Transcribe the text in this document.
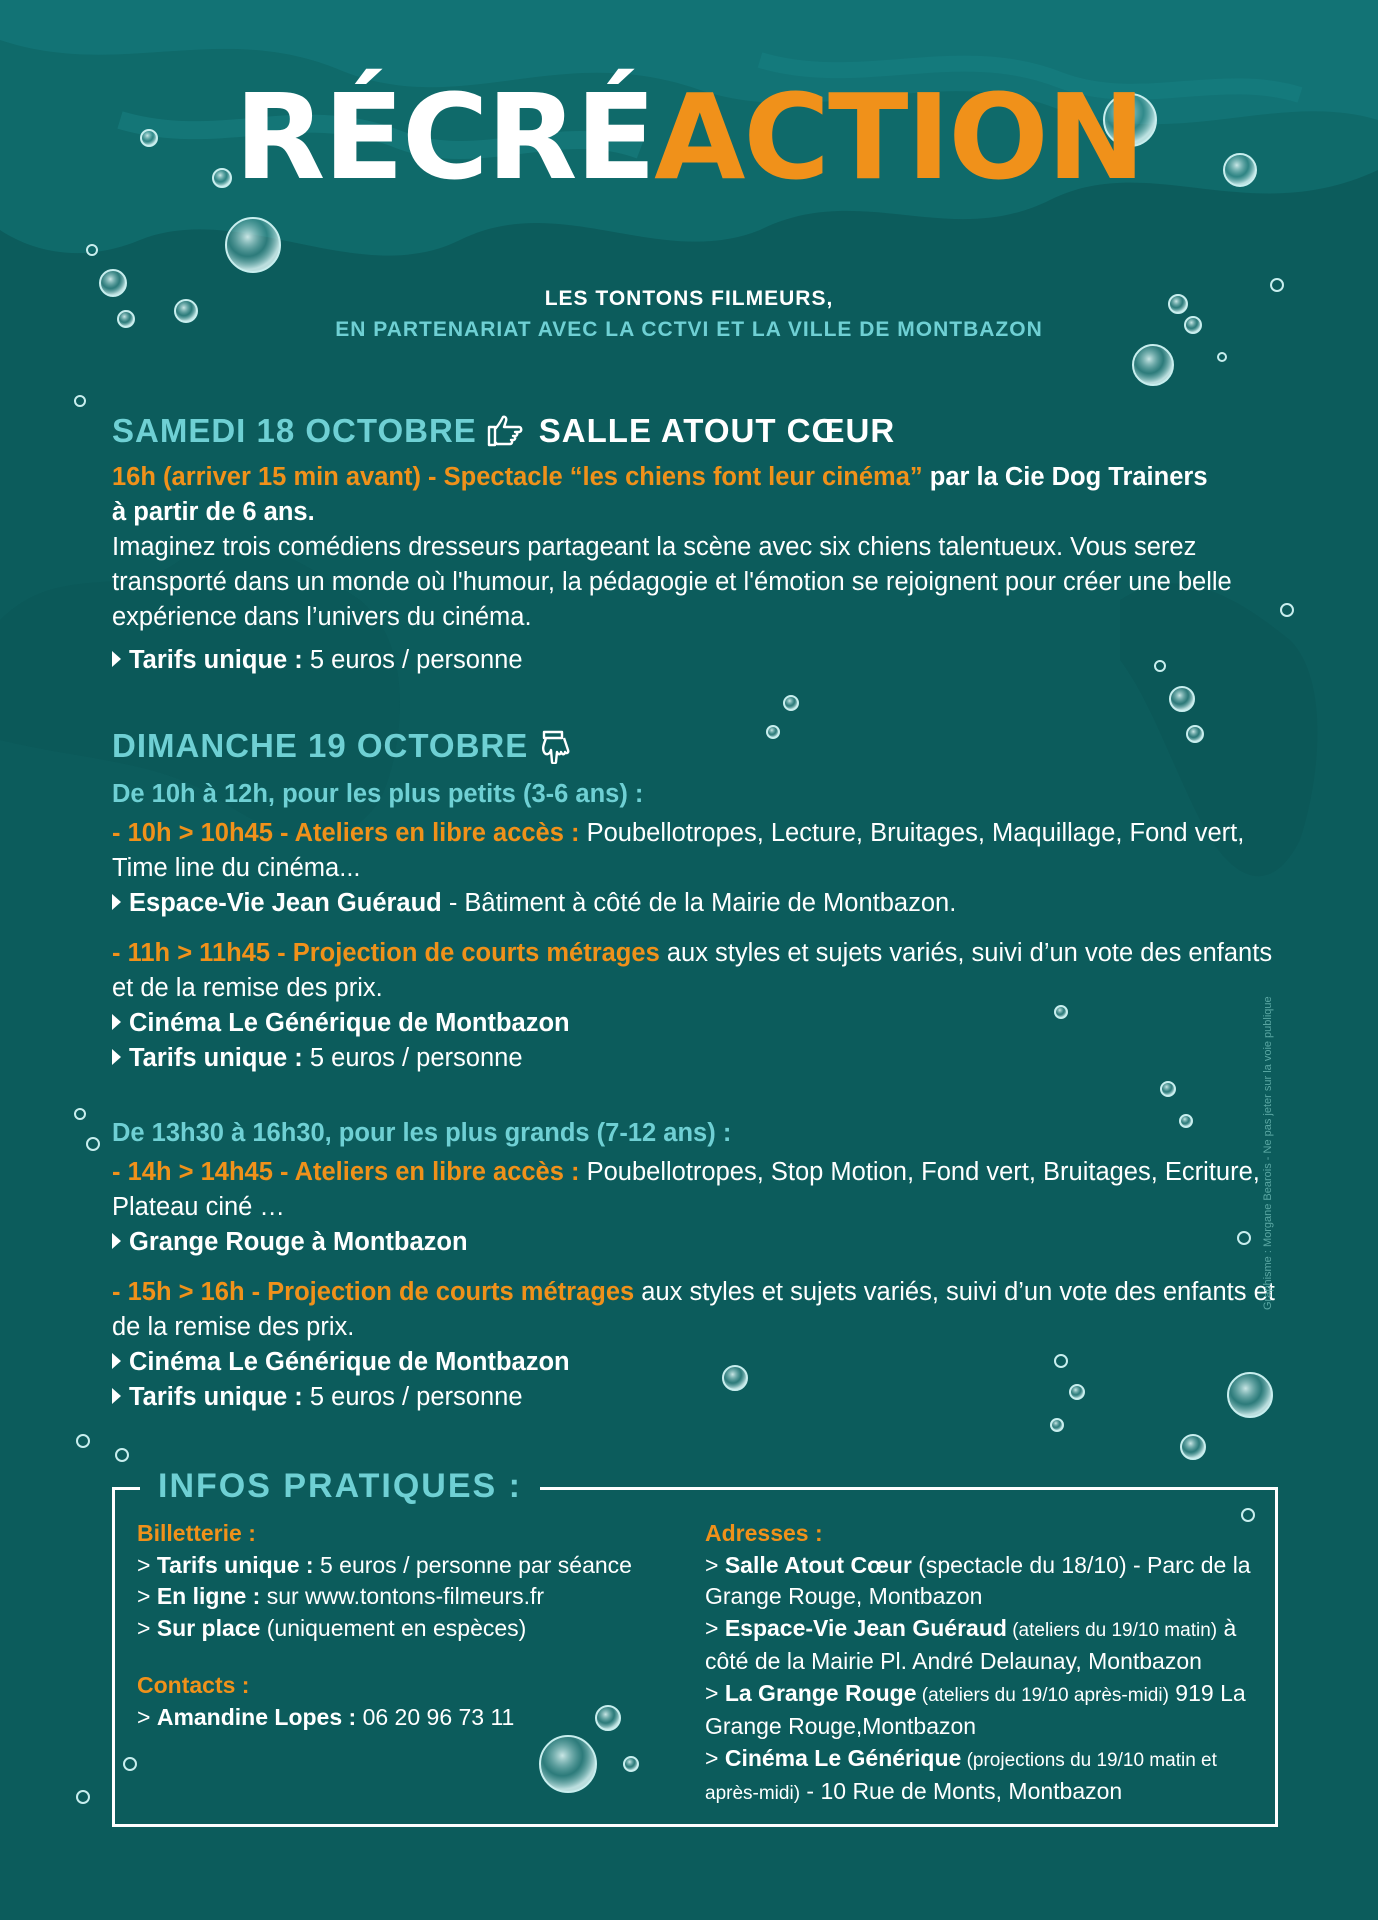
RÉCRÉACTION
LES TONTONS FILMEURS,
EN PARTENARIAT AVEC LA CCTVI ET LA VILLE DE MONTBAZON
SAMEDI 18 OCTOBRE SALLE ATOUT CŒUR
16h (arriver 15 min avant) - Spectacle “les chiens font leur cinéma” par la Cie Dog Trainers
à partir de 6 ans.
Imaginez trois comédiens dresseurs partageant la scène avec six chiens talentueux. Vous serez transporté dans un monde où l'humour, la pédagogie et l'émotion se rejoignent pour créer une belle expérience dans l’univers du cinéma.
Tarifs unique : 5 euros / personne
DIMANCHE 19 OCTOBRE
De 10h à 12h, pour les plus petits (3-6 ans) :
- 10h > 10h45 - Ateliers en libre accès : Poubellotropes, Lecture, Bruitages, Maquillage, Fond vert, Time line du cinéma...
Espace-Vie Jean Guéraud - Bâtiment à côté de la Mairie de Montbazon.
- 11h > 11h45 - Projection de courts métrages aux styles et sujets variés, suivi d’un vote des enfants et de la remise des prix.
Cinéma Le Générique de Montbazon
Tarifs unique : 5 euros / personne
De 13h30 à 16h30, pour les plus grands (7-12 ans) :
- 14h > 14h45 - Ateliers en libre accès : Poubellotropes, Stop Motion, Fond vert, Bruitages, Ecriture, Plateau ciné …
Grange Rouge à Montbazon
- 15h > 16h - Projection de courts métrages aux styles et sujets variés, suivi d’un vote des enfants et de la remise des prix.
Cinéma Le Générique de Montbazon
Tarifs unique : 5 euros / personne
INFOS PRATIQUES :
Billetterie :
> Tarifs unique : 5 euros / personne par séance
> En ligne : sur www.tontons-filmeurs.fr
> Sur place (uniquement en espèces)
Contacts :
> Amandine Lopes : 06 20 96 73 11
Adresses :
> Salle Atout Cœur (spectacle du 18/10) - Parc de la Grange Rouge, Montbazon
> Espace-Vie Jean Guéraud (ateliers du 19/10 matin) à côté de la Mairie Pl. André Delaunay, Montbazon
> La Grange Rouge (ateliers du 19/10 après-midi) 919 La Grange Rouge,Montbazon
> Cinéma Le Générique (projections du 19/10 matin et après-midi) - 10 Rue de Monts, Montbazon
Graphisme : Morgane Bearois - Ne pas jeter sur la voie publique
